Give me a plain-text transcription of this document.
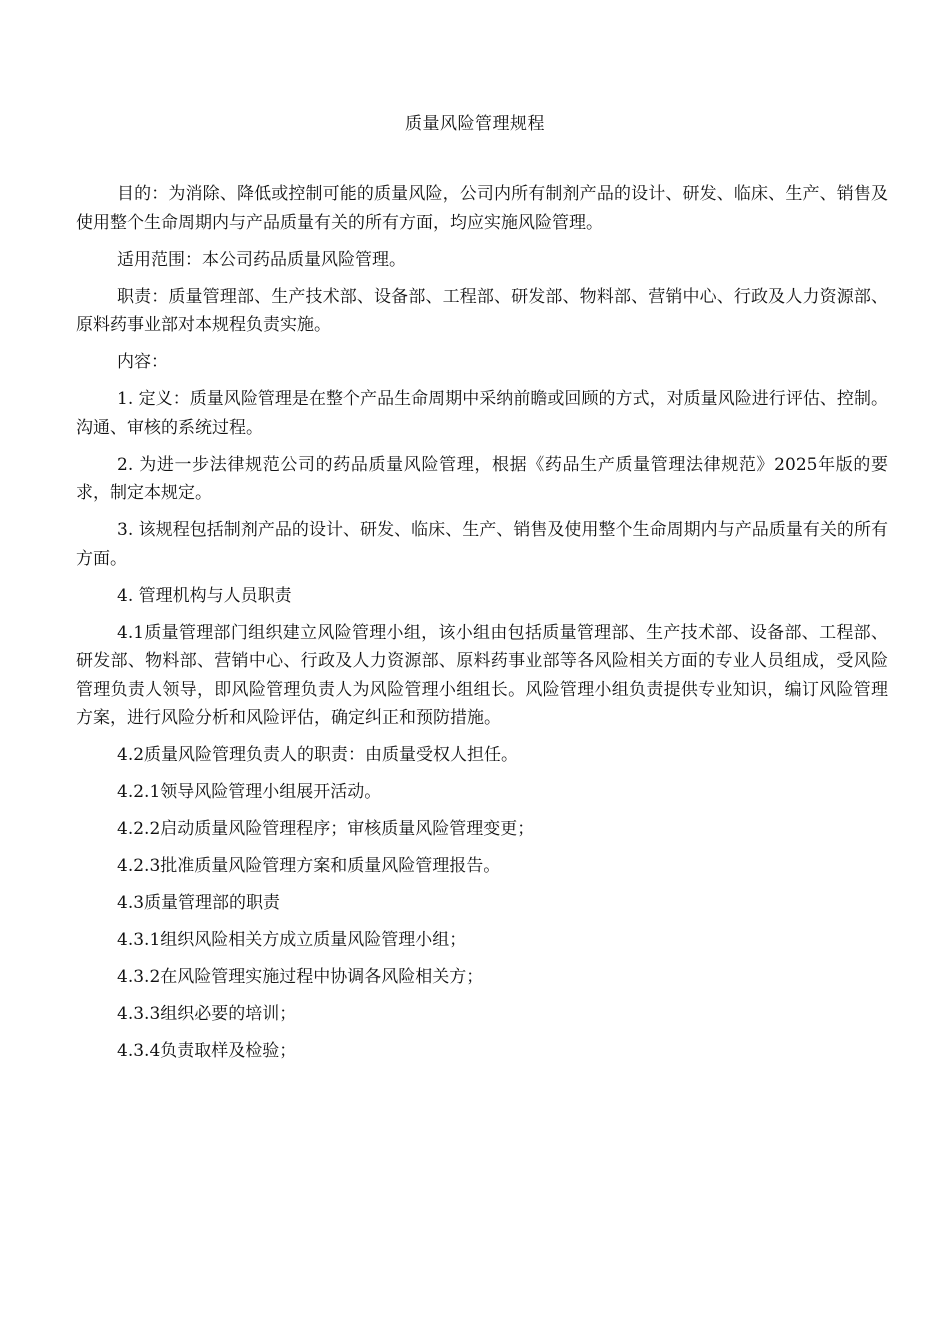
质量风险管理规程

目的：为消除、降低或控制可能的质量风险，公司内所有制剂产品的设计、研发、临床、生产、销售及使用整个生命周期内与产品质量有关的所有方面，均应实施风险管理。

适用范围：本公司药品质量风险管理。

职责：质量管理部、生产技术部、设备部、工程部、研发部、物料部、营销中心、行政及人力资源部、原料药事业部对本规程负责实施。

内容：

1. 定义：质量风险管理是在整个产品生命周期中采纳前瞻或回顾的方式，对质量风险进行评估、控制。沟通、审核的系统过程。

2. 为进一步法律规范公司的药品质量风险管理，根据《药品生产质量管理法律规范》2025年版的要求，制定本规定。

3. 该规程包括制剂产品的设计、研发、临床、生产、销售及使用整个生命周期内与产品质量有关的所有方面。

4. 管理机构与人员职责

4.1质量管理部门组织建立风险管理小组，该小组由包括质量管理部、生产技术部、设备部、工程部、研发部、物料部、营销中心、行政及人力资源部、原料药事业部等各风险相关方面的专业人员组成，受风险管理负责人领导，即风险管理负责人为风险管理小组组长。风险管理小组负责提供专业知识，编订风险管理方案，进行风险分析和风险评估，确定纠正和预防措施。

4.2质量风险管理负责人的职责：由质量受权人担任。

4.2.1领导风险管理小组展开活动。

4.2.2启动质量风险管理程序；审核质量风险管理变更；

4.2.3批准质量风险管理方案和质量风险管理报告。

4.3质量管理部的职责

4.3.1组织风险相关方成立质量风险管理小组；

4.3.2在风险管理实施过程中协调各风险相关方；

4.3.3组织必要的培训；

4.3.4负责取样及检验；
